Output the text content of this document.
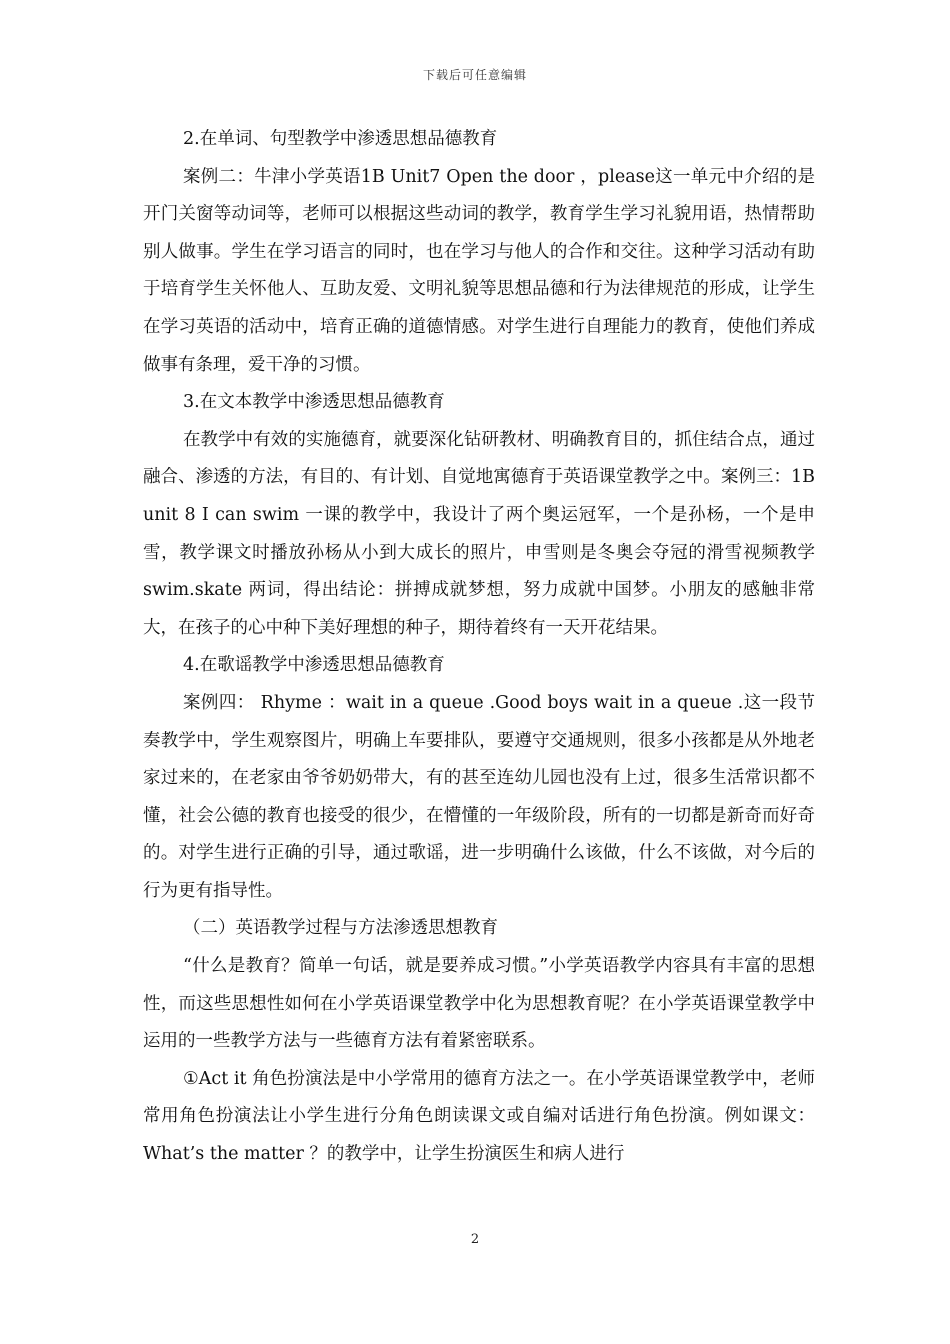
下载后可任意编辑

2.在单词、句型教学中渗透思想品德教育

案例二：牛津小学英语1B Unit7 Open the door ，please这一单元中介绍的是开门关窗等动词等，老师可以根据这些动词的教学，教育学生学习礼貌用语，热情帮助别人做事。学生在学习语言的同时，也在学习与他人的合作和交往。这种学习活动有助于培育学生关怀他人、互助友爱、文明礼貌等思想品德和行为法律规范的形成，让学生在学习英语的活动中，培育正确的道德情感。对学生进行自理能力的教育，使他们养成做事有条理，爱干净的习惯。

3.在文本教学中渗透思想品德教育

在教学中有效的实施德育，就要深化钻研教材、明确教育目的，抓住结合点，通过融合、渗透的方法，有目的、有计划、自觉地寓德育于英语课堂教学之中。案例三：1B unit 8 I can swim 一课的教学中，我设计了两个奥运冠军，一个是孙杨，一个是申雪，教学课文时播放孙杨从小到大成长的照片，申雪则是冬奥会夺冠的滑雪视频教学swim.skate 两词，得出结论：拼搏成就梦想，努力成就中国梦。小朋友的感触非常大，在孩子的心中种下美好理想的种子，期待着终有一天开花结果。

4.在歌谣教学中渗透思想品德教育

案例四： Rhyme ：wait in a queue .Good boys wait in a queue .这一段节奏教学中，学生观察图片，明确上车要排队，要遵守交通规则，很多小孩都是从外地老家过来的，在老家由爷爷奶奶带大，有的甚至连幼儿园也没有上过，很多生活常识都不懂，社会公德的教育也接受的很少，在懵懂的一年级阶段，所有的一切都是新奇而好奇的。对学生进行正确的引导，通过歌谣，进一步明确什么该做，什么不该做，对今后的行为更有指导性。

（二）英语教学过程与方法渗透思想教育

“什么是教育？简单一句话，就是要养成习惯。”小学英语教学内容具有丰富的思想性，而这些思想性如何在小学英语课堂教学中化为思想教育呢？在小学英语课堂教学中运用的一些教学方法与一些德育方法有着紧密联系。

①Act it 角色扮演法是中小学常用的德育方法之一。在小学英语课堂教学中，老师常用角色扮演法让小学生进行分角色朗读课文或自编对话进行角色扮演。例如课文：What’s the matter ？的教学中，让学生扮演医生和病人进行

2
